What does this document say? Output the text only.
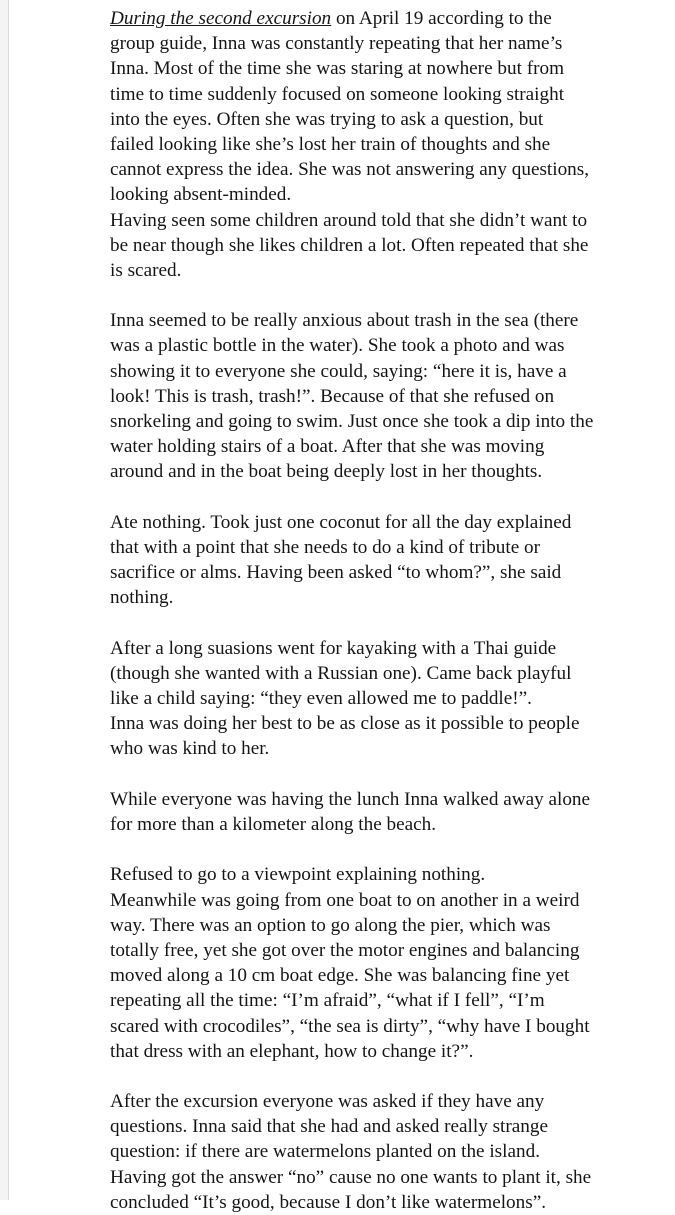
During the second excursion on April 19 according to the
group guide, Inna was constantly repeating that her name’s
Inna. Most of the time she was staring at nowhere but from
time to time suddenly focused on someone looking straight
into the eyes. Often she was trying to ask a question, but
failed looking like she’s lost her train of thoughts and she
cannot express the idea. She was not answering any questions,
looking absent-minded.
Having seen some children around told that she didn’t want to
be near though she likes children a lot. Often repeated that she
is scared.
Inna seemed to be really anxious about trash in the sea (there
was a plastic bottle in the water). She took a photo and was
showing it to everyone she could, saying: “here it is, have a
look! This is trash, trash!”. Because of that she refused on
snorkeling and going to swim. Just once she took a dip into the
water holding stairs of a boat. After that she was moving
around and in the boat being deeply lost in her thoughts.
Ate nothing. Took just one coconut for all the day explained
that with a point that she needs to do a kind of tribute or
sacrifice or alms. Having been asked “to whom?”, she said
nothing.
After a long suasions went for kayaking with a Thai guide
(though she wanted with a Russian one). Came back playful
like a child saying: “they even allowed me to paddle!”.
Inna was doing her best to be as close as it possible to people
who was kind to her.
While everyone was having the lunch Inna walked away alone
for more than a kilometer along the beach.
Refused to go to a viewpoint explaining nothing.
Meanwhile was going from one boat to on another in a weird
way. There was an option to go along the pier, which was
totally free, yet she got over the motor engines and balancing
moved along a 10 cm boat edge. She was balancing fine yet
repeating all the time: “I’m afraid”, “what if I fell”, “I’m
scared with crocodiles”, “the sea is dirty”, “why have I bought
that dress with an elephant, how to change it?”.
After the excursion everyone was asked if they have any
questions. Inna said that she had and asked really strange
question: if there are watermelons planted on the island.
Having got the answer “no” cause no one wants to plant it, she
concluded “It’s good, because I don’t like watermelons”.
